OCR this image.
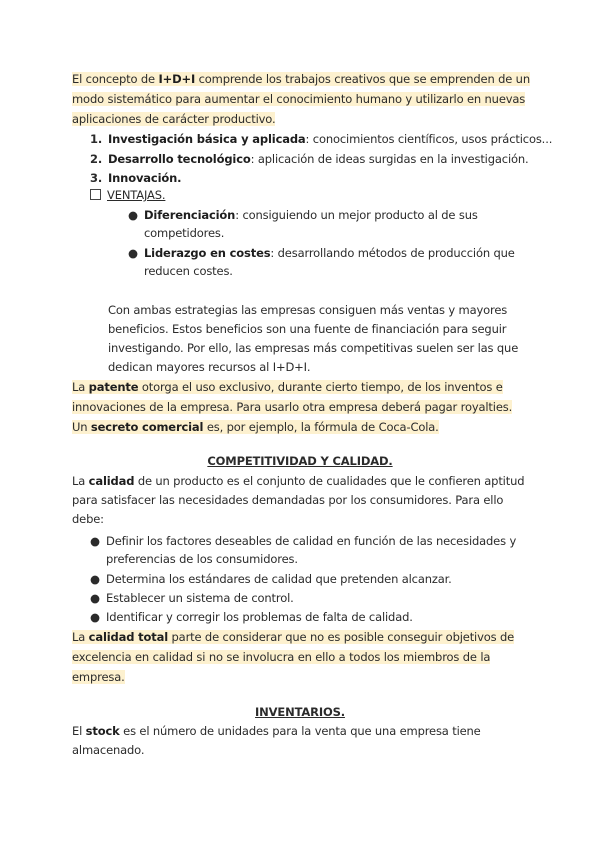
El concepto de I+D+I comprende los trabajos creativos que se emprenden de un
modo sistemático para aumentar el conocimiento humano y utilizarlo en nuevas
aplicaciones de carácter productivo.
1. Investigación básica y aplicada: conocimientos científicos, usos prácticos...
2. Desarrollo tecnológico: aplicación de ideas surgidas en la investigación.
3. Innovación.
VENTAJAS.
● Diferenciación: consiguiendo un mejor producto al de sus
competidores.
● Liderazgo en costes: desarrollando métodos de producción que
reducen costes.
Con ambas estrategias las empresas consiguen más ventas y mayores
beneficios. Estos beneficios son una fuente de financiación para seguir
investigando. Por ello, las empresas más competitivas suelen ser las que
dedican mayores recursos al I+D+I.
La patente otorga el uso exclusivo, durante cierto tiempo, de los inventos e
innovaciones de la empresa. Para usarlo otra empresa deberá pagar royalties.
Un secreto comercial es, por ejemplo, la fórmula de Coca-Cola.
COMPETITIVIDAD Y CALIDAD.
La calidad de un producto es el conjunto de cualidades que le confieren aptitud
para satisfacer las necesidades demandadas por los consumidores. Para ello
debe:
● Definir los factores deseables de calidad en función de las necesidades y
preferencias de los consumidores.
● Determina los estándares de calidad que pretenden alcanzar.
● Establecer un sistema de control.
● Identificar y corregir los problemas de falta de calidad.
La calidad total parte de considerar que no es posible conseguir objetivos de
excelencia en calidad si no se involucra en ello a todos los miembros de la
empresa.
INVENTARIOS.
El stock es el número de unidades para la venta que una empresa tiene
almacenado.
